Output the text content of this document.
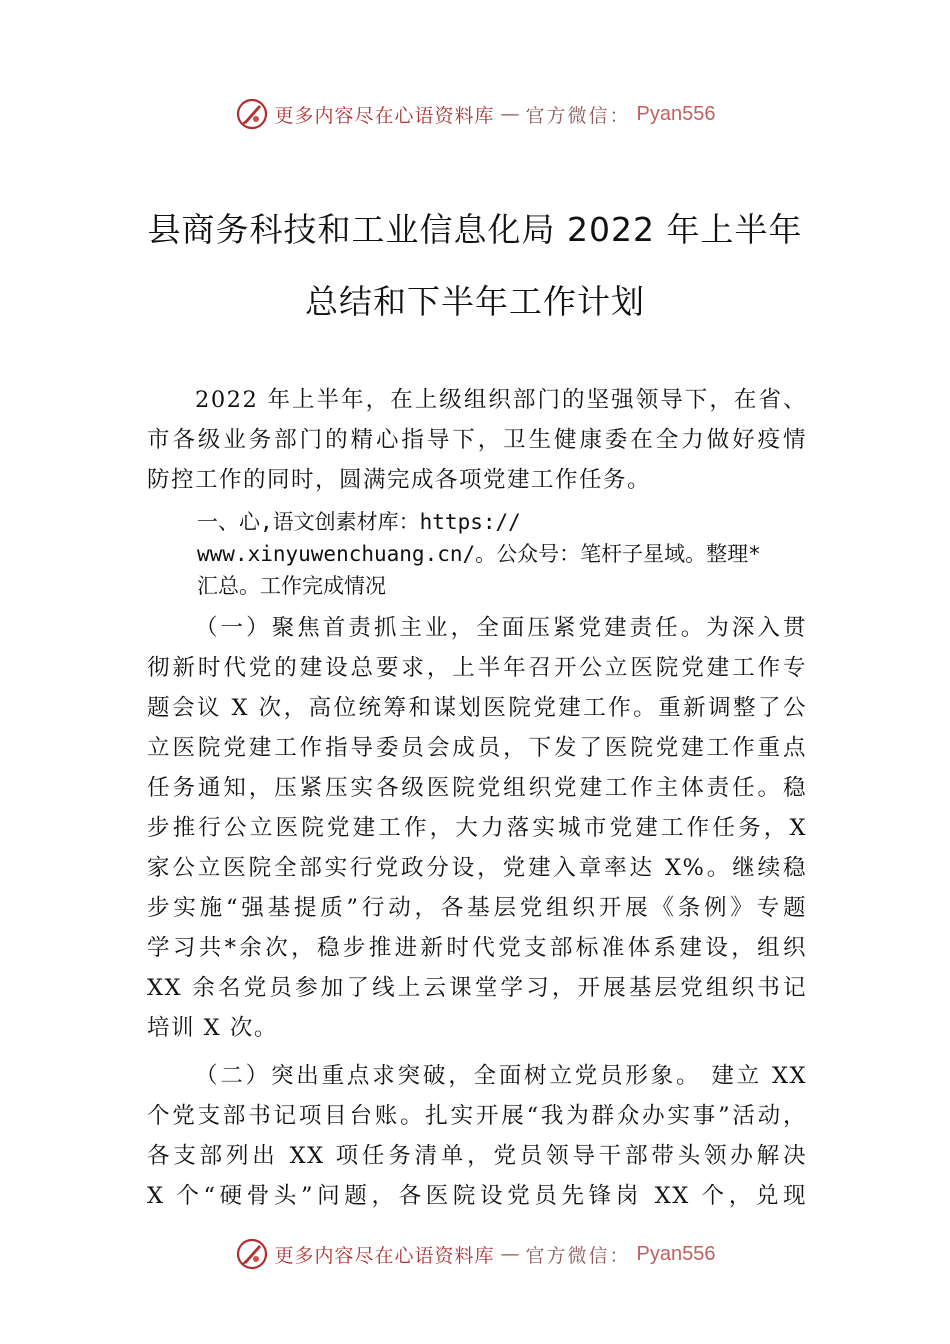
更多内容尽在心语资料库 — 官方微信： Pyan556
县商务科技和工业信息化局 2022 年上半年
总结和下半年工作计划
2022 年上半年，在上级组织部门的坚强领导下，在省、
市各级业务部门的精心指导下，卫生健康委在全力做好疫情
防控工作的同时，圆满完成各项党建工作任务。
一、心,语文创素材库：https://
www.xinyuwenchuang.cn/。公众号：笔杆子星域。整理*
汇总。工作完成情况
（一）聚焦首责抓主业，全面压紧党建责任。为深入贯
彻新时代党的建设总要求，上半年召开公立医院党建工作专
题会议 X 次，高位统筹和谋划医院党建工作。重新调整了公
立医院党建工作指导委员会成员，下发了医院党建工作重点
任务通知，压紧压实各级医院党组织党建工作主体责任。稳
步推行公立医院党建工作，大力落实城市党建工作任务，X
家公立医院全部实行党政分设，党建入章率达 X%。继续稳
步实施“强基提质”行动，各基层党组织开展《条例》专题
学习共*余次，稳步推进新时代党支部标准体系建设，组织
XX 余名党员参加了线上云课堂学习，开展基层党组织书记
培训 X 次。
（二）突出重点求突破，全面树立党员形象。 建立 XX
个党支部书记项目台账。扎实开展“我为群众办实事”活动，
各支部列出 XX 项任务清单，党员领导干部带头领办解决
X 个“硬骨头”问题，各医院设党员先锋岗 XX 个，兑现
更多内容尽在心语资料库 — 官方微信： Pyan556
